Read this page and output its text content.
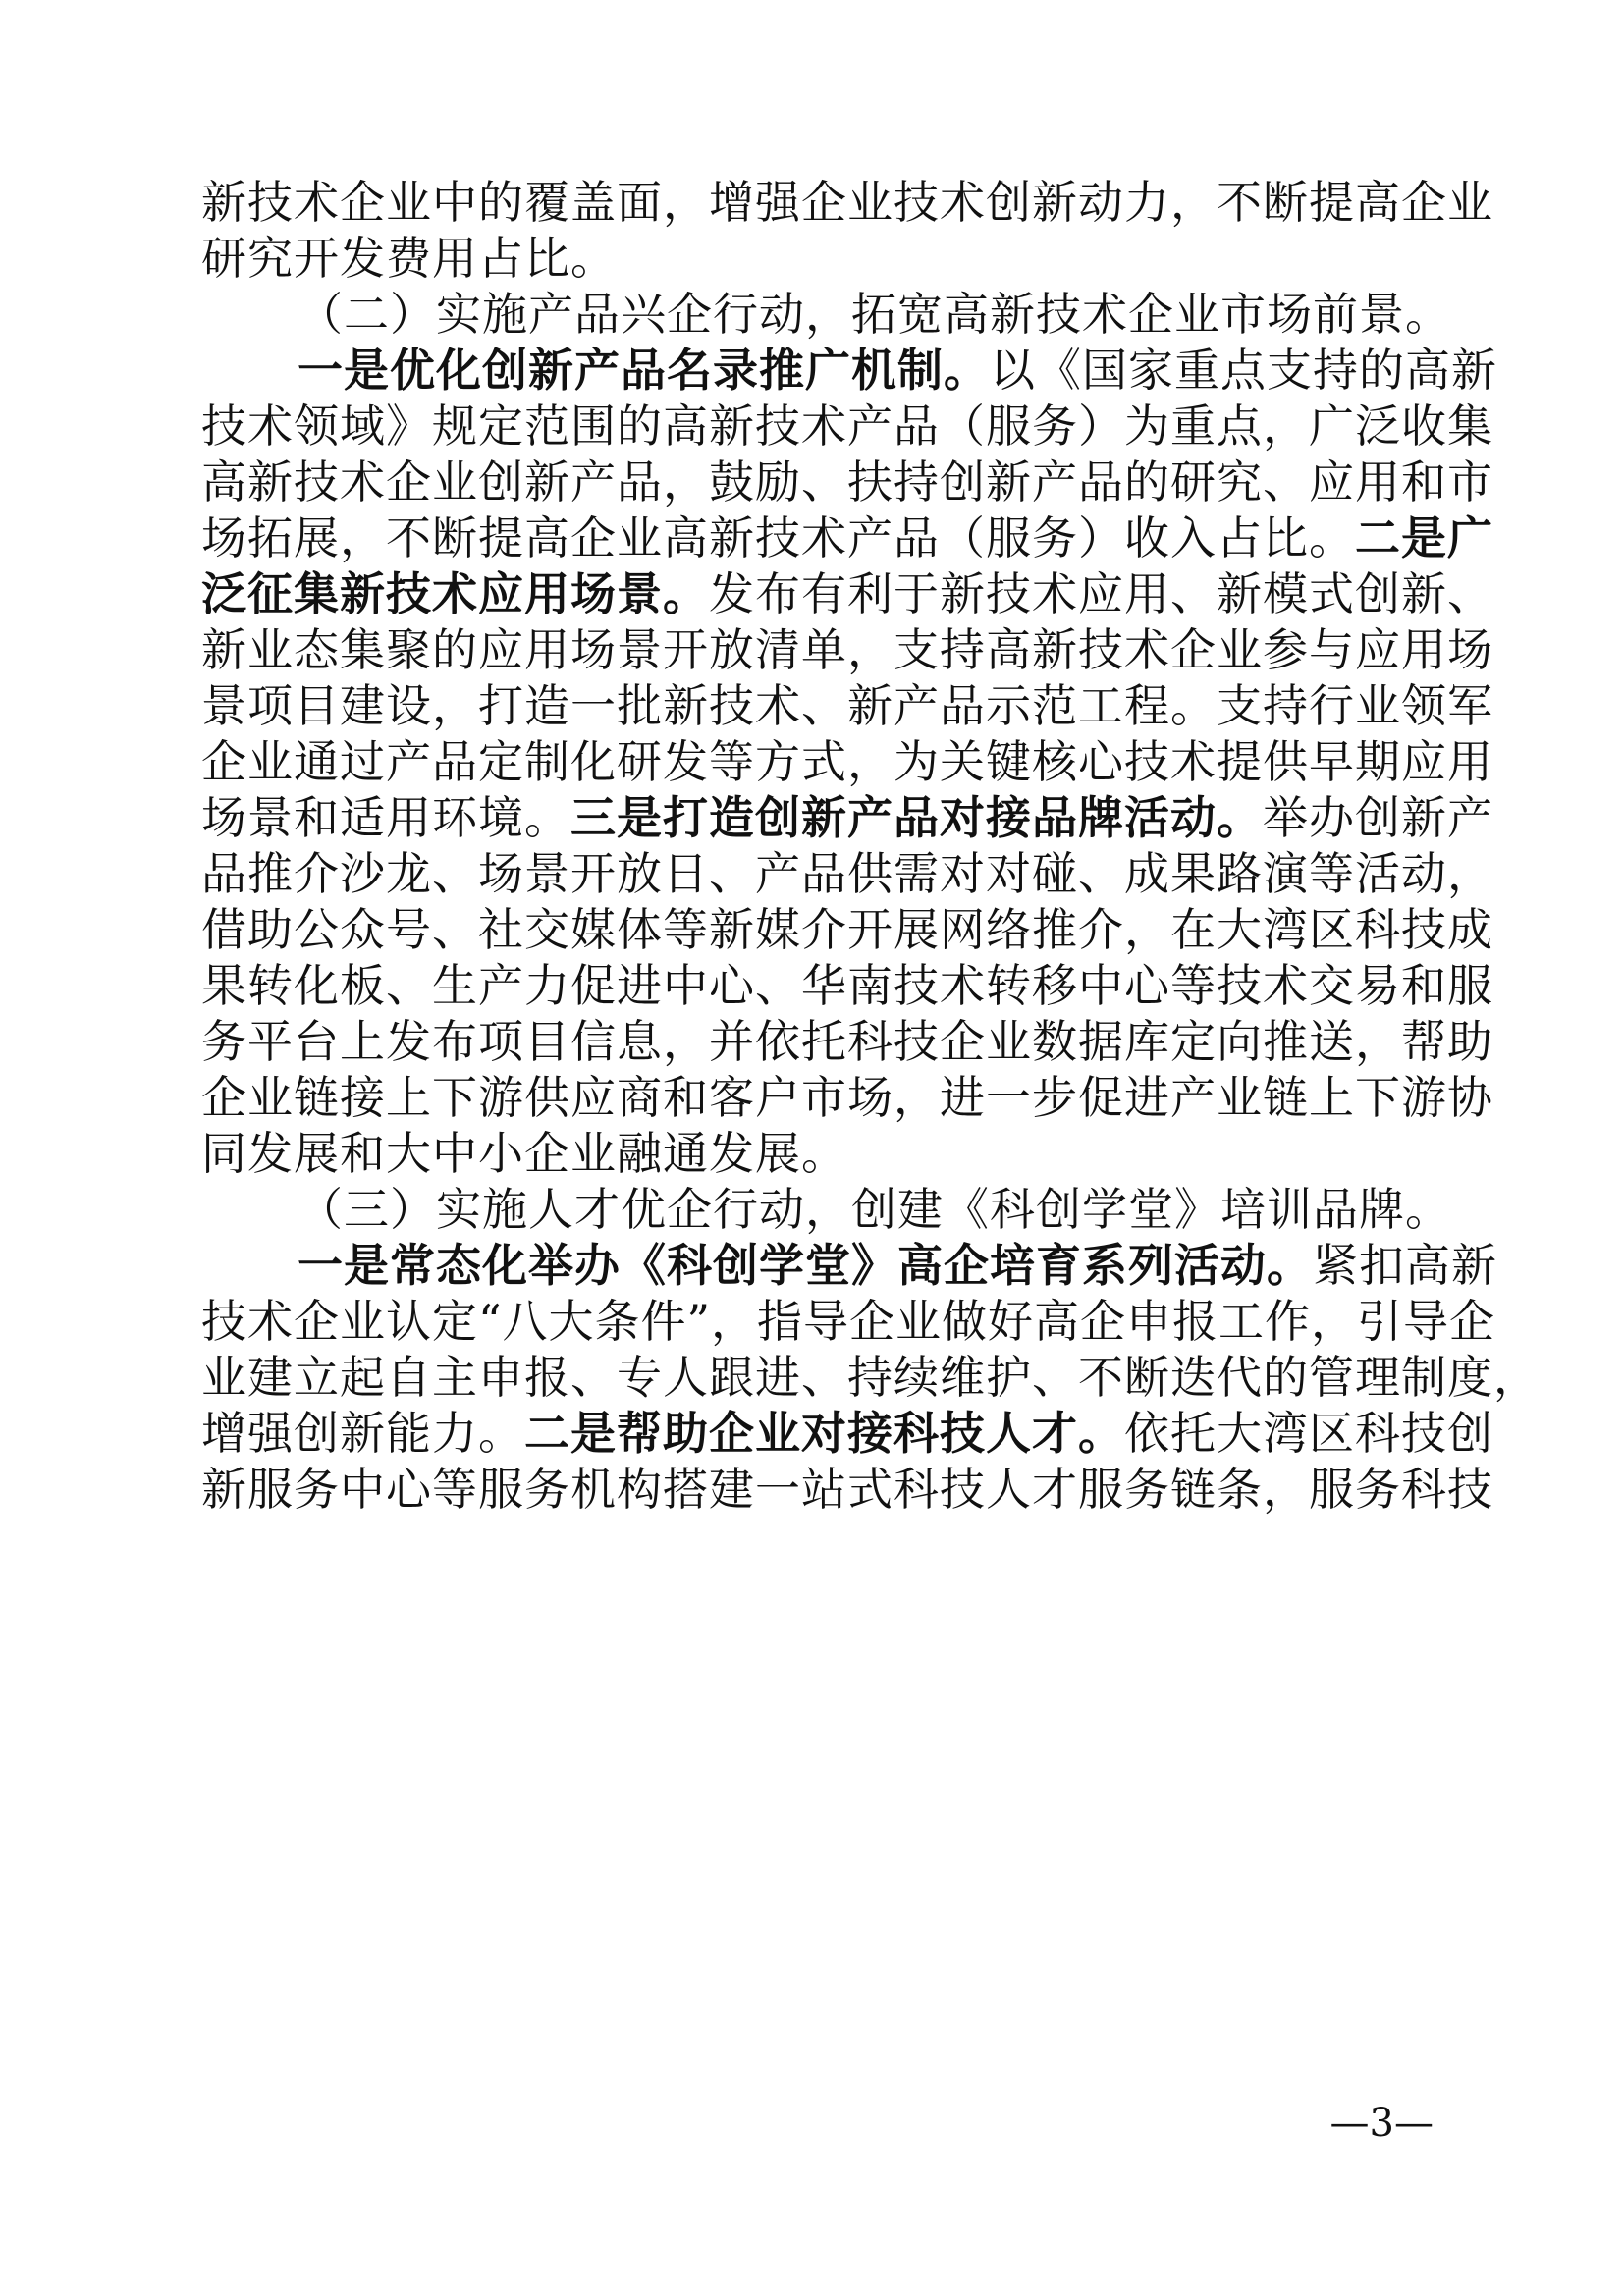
新技术企业中的覆盖面，增强企业技术创新动力，不断提高企业
研究开发费用占比。
（二）实施产品兴企行动，拓宽高新技术企业市场前景。
一是优化创新产品名录推广机制。以《国家重点支持的高新
技术领域》规定范围的高新技术产品（服务）为重点，广泛收集
高新技术企业创新产品，鼓励、扶持创新产品的研究、应用和市
场拓展，不断提高企业高新技术产品（服务）收入占比。二是广
泛征集新技术应用场景。发布有利于新技术应用、新模式创新、
新业态集聚的应用场景开放清单，支持高新技术企业参与应用场
景项目建设，打造一批新技术、新产品示范工程。支持行业领军
企业通过产品定制化研发等方式，为关键核心技术提供早期应用
场景和适用环境。三是打造创新产品对接品牌活动。举办创新产
品推介沙龙、场景开放日、产品供需对对碰、成果路演等活动，
借助公众号、社交媒体等新媒介开展网络推介，在大湾区科技成
果转化板、生产力促进中心、华南技术转移中心等技术交易和服
务平台上发布项目信息，并依托科技企业数据库定向推送，帮助
企业链接上下游供应商和客户市场，进一步促进产业链上下游协
同发展和大中小企业融通发展。
（三）实施人才优企行动，创建《科创学堂》培训品牌。
一是常态化举办《科创学堂》高企培育系列活动。紧扣高新
技术企业认定“八大条件”，指导企业做好高企申报工作，引导企
业建立起自主申报、专人跟进、持续维护、不断迭代的管理制度，
增强创新能力。二是帮助企业对接科技人才。依托大湾区科技创
新服务中心等服务机构搭建一站式科技人才服务链条，服务科技
—3—
